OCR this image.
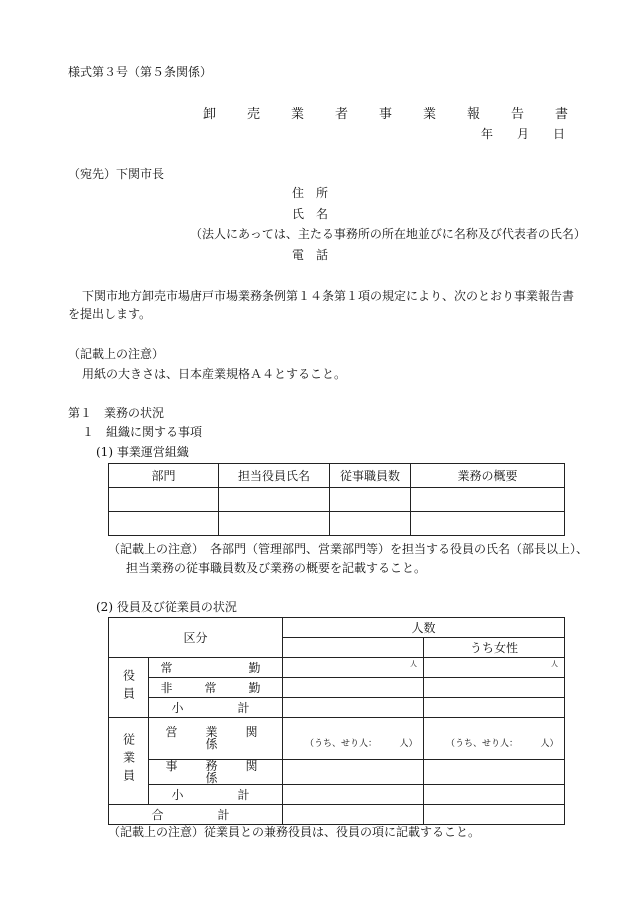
様式第３号（第５条関係）
卸　売　業　者　事　業　報　告　書
年　　月　　日
（宛先）下関市長
住　所
氏　名
（法人にあっては、主たる事務所の所在地並びに名称及び代表者の氏名）
電　話
下関市地方卸売市場唐戸市場業務条例第１４条第１項の規定により、次のとおり事業報告書
を提出します。
（記載上の注意）
用紙の大きさは、日本産業規格Ａ４とすること。
第１　業務の状況
１　組織に関する事項
(1) 事業運営組織
部門	担当役員氏名	従事職員数	業務の概要

（記載上の注意）　各部門（管理部門、営業部門等）を担当する役員の氏名（部長以上）、
担当業務の従事職員数及び業務の概要を記載すること。
(2) 役員及び従業員の状況
区分		人数	
			うち女性
役員	常　　　勤	人	人
	非　常　勤		
	小　　計		
従業員	営　業　関　係	（うち、せり人：　　　人）	（うち、せり人：　　　人）
	事　務　関　係		
	小　　計		
合　　計			
（記載上の注意）従業員との兼務役員は、役員の項に記載すること。
